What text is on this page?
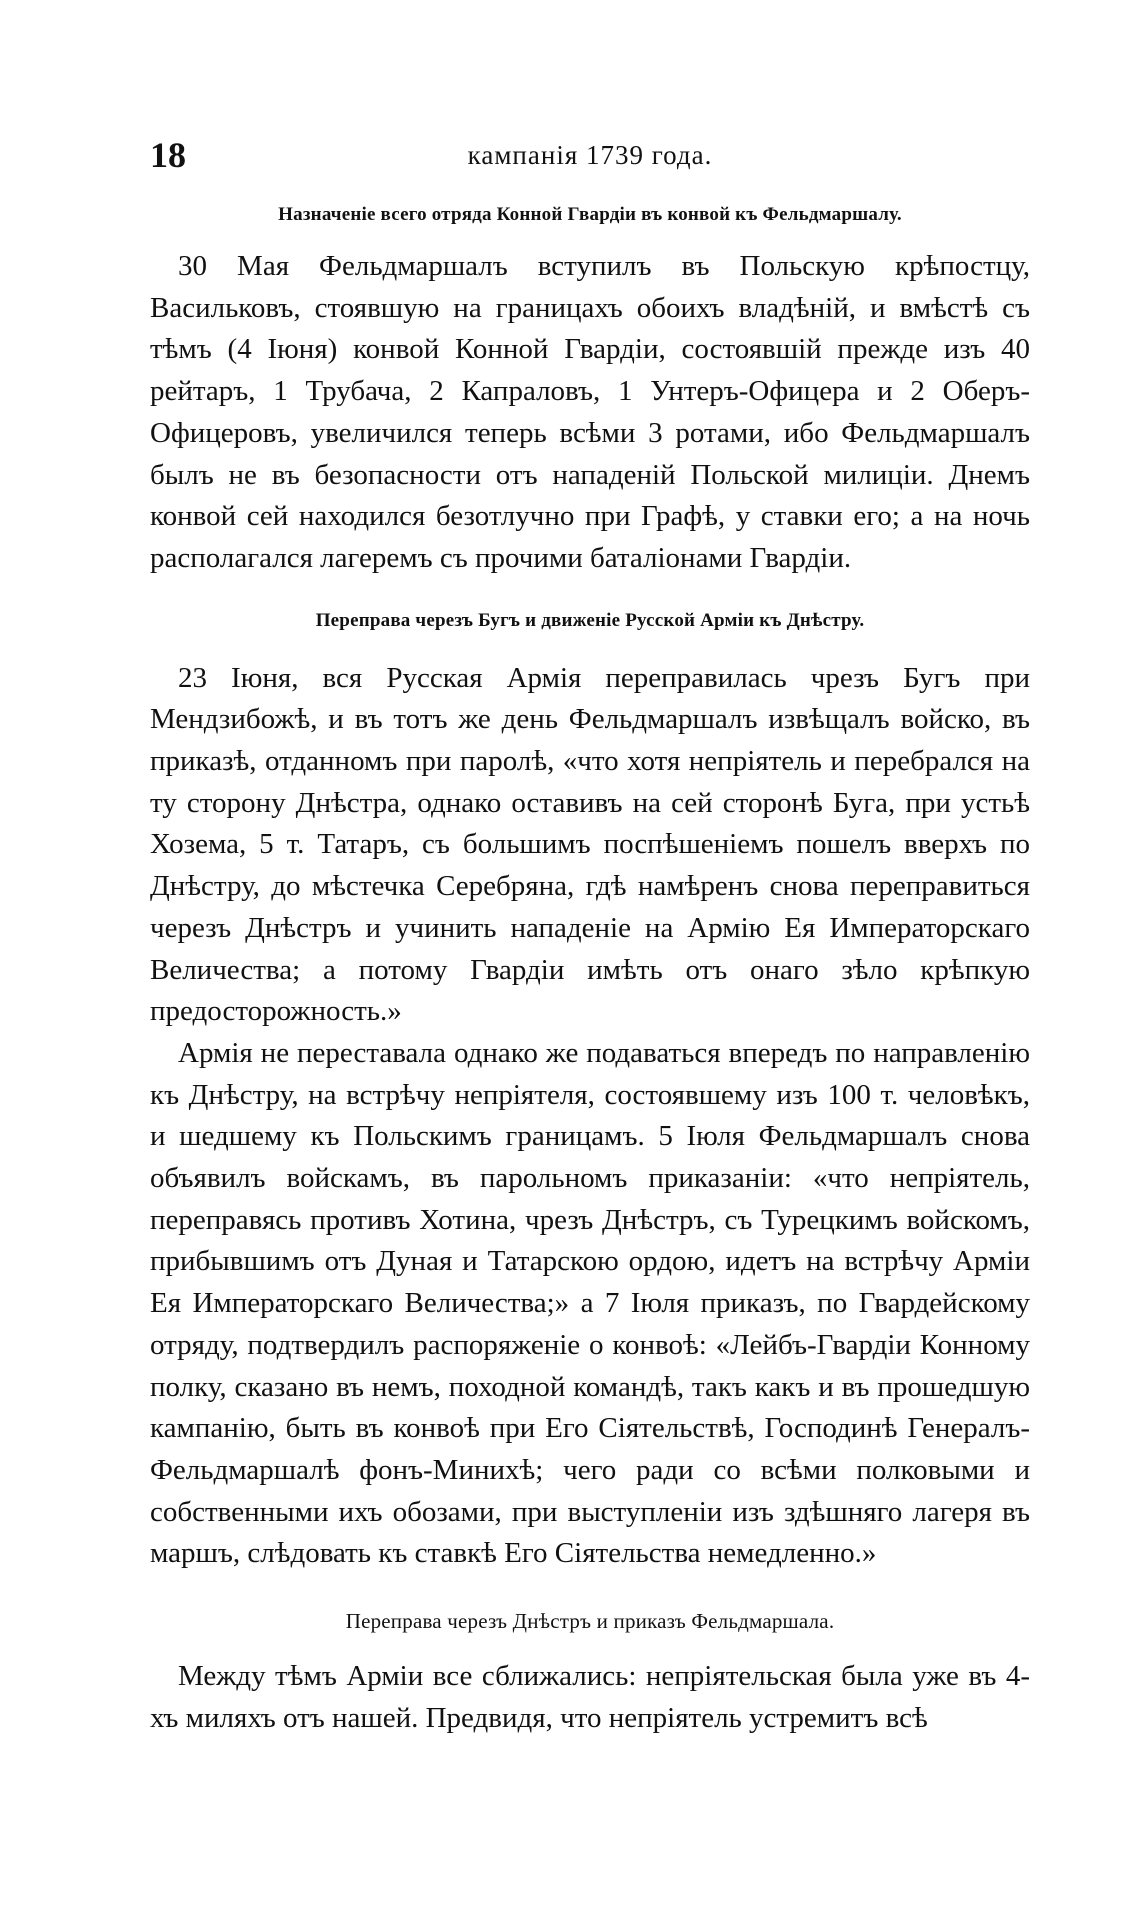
18	кампанія 1739 года.
Назначеніе всего отряда Конной Гвардіи въ конвой къ Фельдмаршалу.

30 Мая Фельдмаршалъ вступилъ въ Польскую крѣпостцу, Васильковъ, стоявшую на границахъ обоихъ владѣній, и вмѣстѣ съ тѣмъ (4 Іюня) конвой Конной Гвардіи, состоявшій прежде изъ 40 рейтаръ, 1 Трубача, 2 Капраловъ, 1 Унтеръ-Офицера и 2 Оберъ-Офицеровъ, увеличился теперь всѣми 3 ротами, ибо Фельдмаршалъ былъ не въ безопасности отъ нападеній Польской милиціи. Днемъ конвой сей находился безотлучно при Графѣ, у ставки его; а на ночь располагался лагеремъ съ прочими баталіонами Гвардіи.

Переправа черезъ Бугъ и движеніе Русской Арміи къ Днѣстру.

23 Іюня, вся Русская Армія переправилась чрезъ Бугъ при Мендзибожѣ, и въ тотъ же день Фельдмаршалъ извѣщалъ войско, въ приказѣ, отданномъ при паролѣ, «что хотя непріятель и перебрался на ту сторону Днѣстра, однако оставивъ на сей сторонѣ Буга, при устьѣ Хозема, 5 т. Татаръ, съ большимъ поспѣшеніемъ пошелъ вверхъ по Днѣстру, до мѣстечка Серебряна, гдѣ намѣренъ снова переправиться черезъ Днѣстръ и учинить нападеніе на Армію Ея Императорскаго Величества; а потому Гвардіи имѣть отъ онаго зѣло крѣпкую предосторожность.»

Армія не переставала однако же подаваться впередъ по направленію къ Днѣстру, на встрѣчу непріятеля, состоявшему изъ 100 т. человѣкъ, и шедшему къ Польскимъ границамъ. 5 Іюля Фельдмаршалъ снова объявилъ войскамъ, въ парольномъ приказаніи: «что непріятель, переправясь противъ Хотина, чрезъ Днѣстръ, съ Турецкимъ войскомъ, прибывшимъ отъ Дуная и Татарскою ордою, идетъ на встрѣчу Арміи Ея Императорскаго Величества;» а 7 Іюля приказъ, по Гвардейскому отряду, подтвердилъ распоряженіе о конвоѣ: «Лейбъ-Гвардіи Конному полку, сказано въ немъ, походной командѣ, такъ какъ и въ прошедшую кампанію, быть въ конвоѣ при Его Сіятельствѣ, Господинѣ Генералъ-Фельдмаршалѣ фонъ-Минихѣ; чего ради со всѣми полковыми и собственными ихъ обозами, при выступленіи изъ здѣшняго лагеря въ маршъ, слѣдовать къ ставкѣ Его Сіятельства немедленно.»

Переправа черезъ Днѣстръ и приказъ Фельдмаршала.

Между тѣмъ Арміи все сближались: непріятельская была уже въ 4-хъ миляхъ отъ нашей. Предвидя, что непріятель устремитъ всѣ
